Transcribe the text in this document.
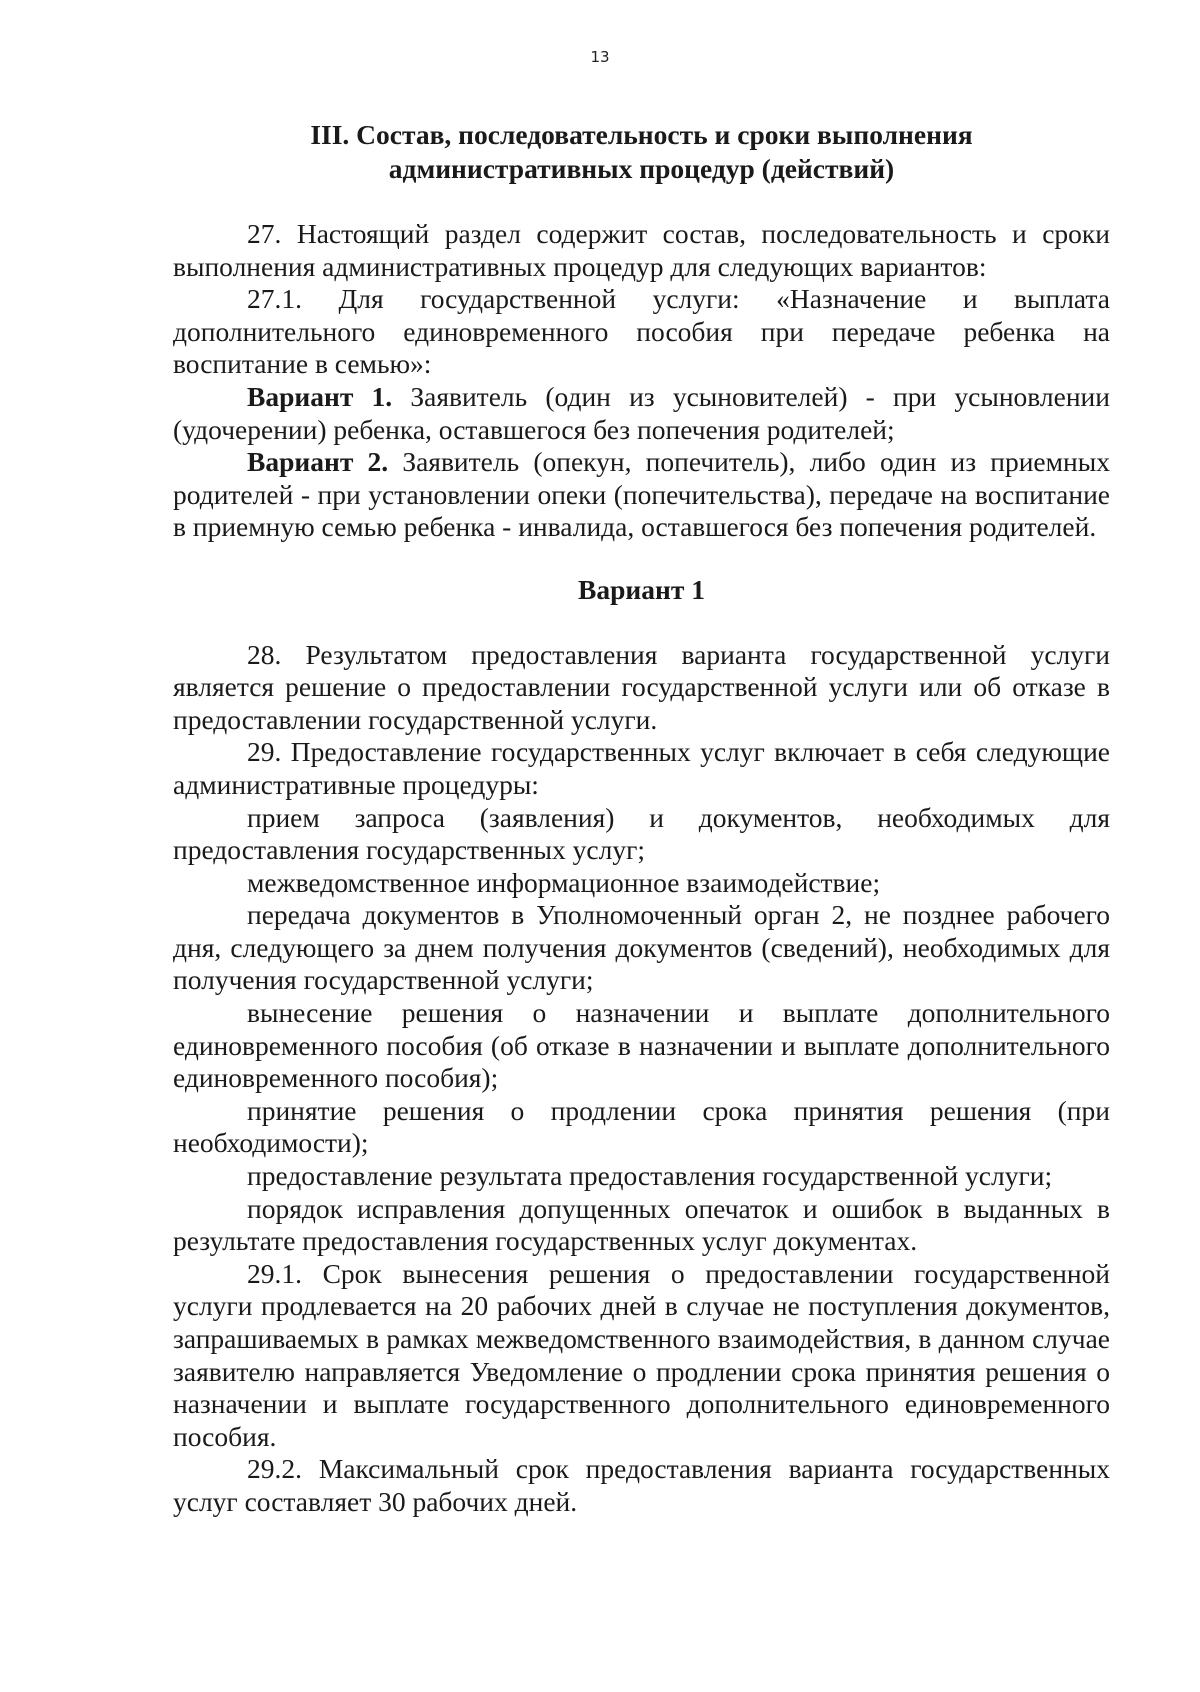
13
III. Состав, последовательность и сроки выполнения
административных процедур (действий)

27. Настоящий раздел содержит состав, последовательность и сроки выполнения административных процедур для следующих вариантов:

27.1. Для государственной услуги: «Назначение и выплата дополнительного единовременного пособия при передаче ребенка на воспитание в семью»:

Вариант 1. Заявитель (один из усыновителей) - при усыновлении (удочерении) ребенка, оставшегося без попечения родителей;

Вариант 2. Заявитель (опекун, попечитель), либо один из приемных родителей - при установлении опеки (попечительства), передаче на воспитание в приемную семью ребенка - инвалида, оставшегося без попечения родителей.

Вариант 1

28. Результатом предоставления варианта государственной услуги является решение о предоставлении государственной услуги или об отказе в предоставлении государственной услуги.

29. Предоставление государственных услуг включает в себя следующие административные процедуры:

прием запроса (заявления) и документов, необходимых для предоставления государственных услуг;

межведомственное информационное взаимодействие;

передача документов в Уполномоченный орган 2, не позднее рабочего дня, следующего за днем получения документов (сведений), необходимых для получения государственной услуги;

вынесение решения о назначении и выплате дополнительного единовременного пособия (об отказе в назначении и выплате дополнительного единовременного пособия);

принятие решения о продлении срока принятия решения (при необходимости);

предоставление результата предоставления государственной услуги;

порядок исправления допущенных опечаток и ошибок в выданных в результате предоставления государственных услуг документах.

29.1. Срок вынесения решения о предоставлении государственной услуги продлевается на 20 рабочих дней в случае не поступления документов, запрашиваемых в рамках межведомственного взаимодействия, в данном случае заявителю направляется Уведомление о продлении срока принятия решения о назначении и выплате государственного дополнительного единовременного пособия.

29.2. Максимальный срок предоставления варианта государственных услуг составляет 30 рабочих дней.
